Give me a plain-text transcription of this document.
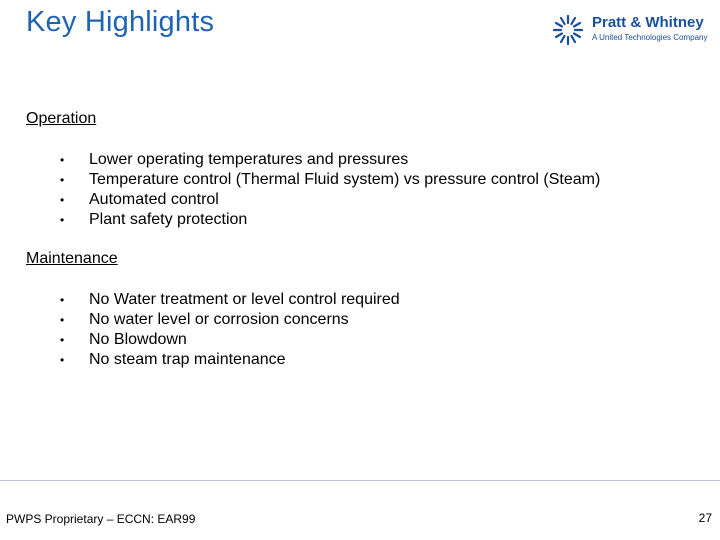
Key Highlights	Pratt & Whitney
A United Technologies Company
Operation
• Lower operating temperatures and pressures
• Temperature control (Thermal Fluid system) vs pressure control (Steam)
• Automated control
• Plant safety protection
Maintenance
• No Water treatment or level control required
• No water level or corrosion concerns
• No Blowdown
• No steam trap maintenance
PWPS Proprietary – ECCN: EAR99	27
